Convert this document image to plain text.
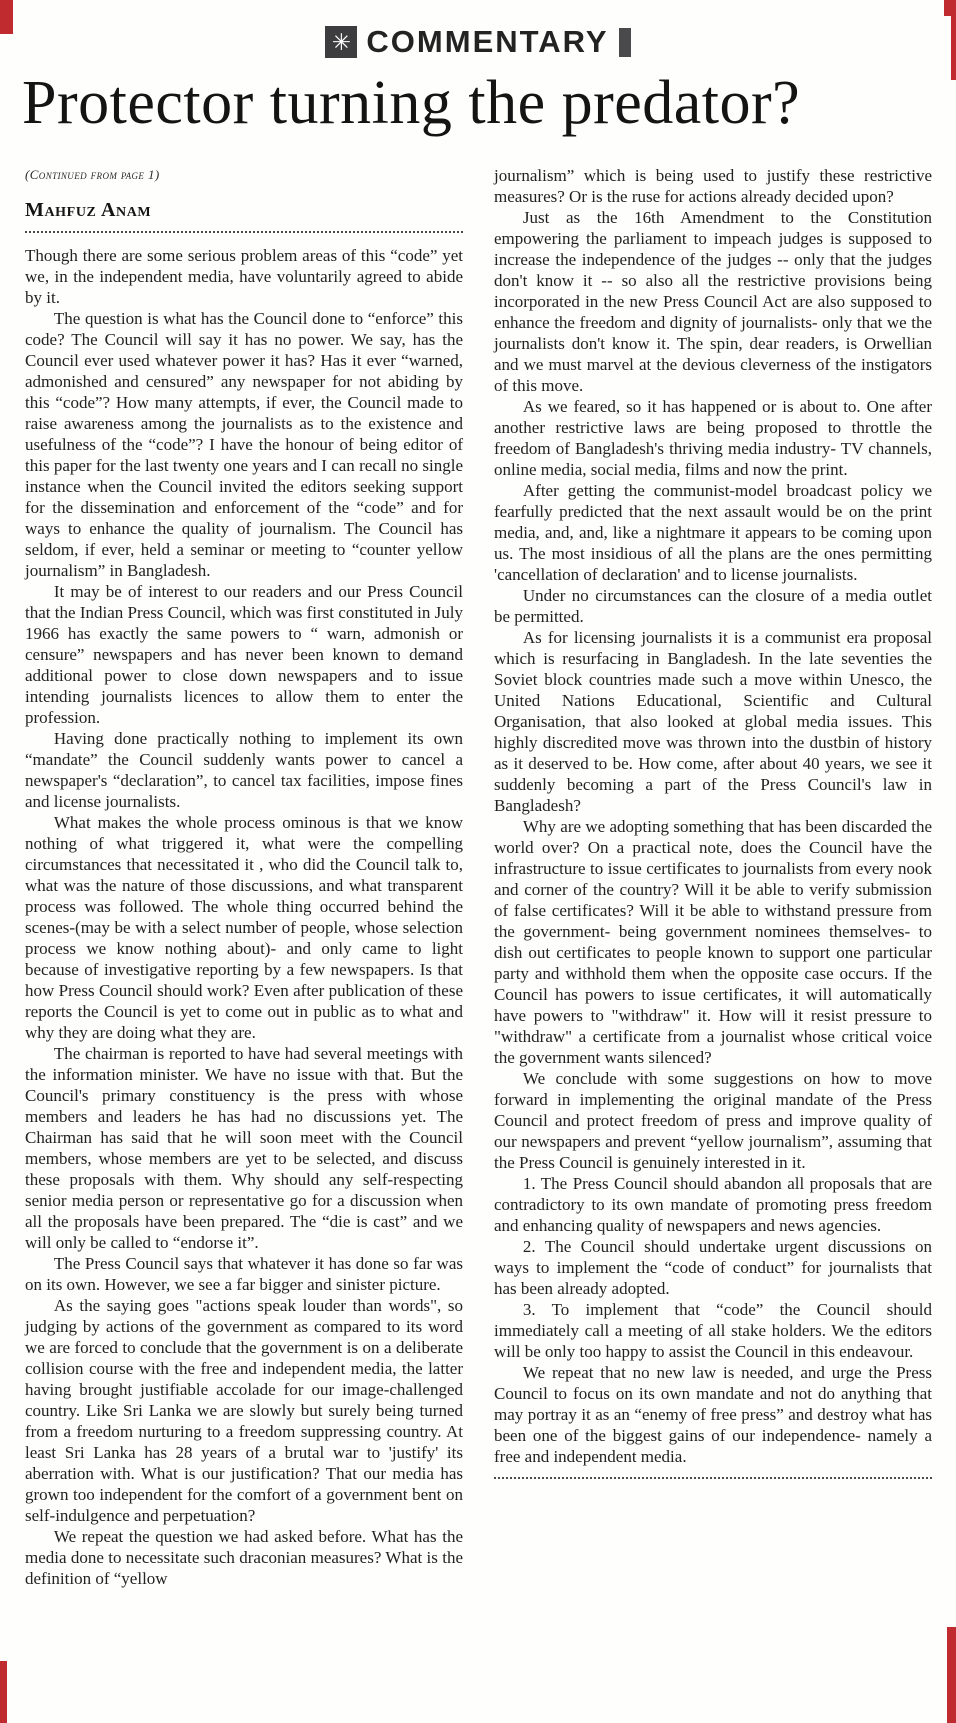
✳ COMMENTARY
Protector turning the predator?
(Continued from page 1)
Mahfuz Anam

Though there are some serious problem areas of this “code” yet we, in the independent media, have voluntarily agreed to abide by it.

The question is what has the Council done to “enforce” this code? The Council will say it has no power. We say, has the Council ever used whatever power it has? Has it ever “warned, admonished and censured” any newspaper for not abiding by this “code”? How many attempts, if ever, the Council made to raise awareness among the journalists as to the existence and usefulness of the “code”? I have the honour of being editor of this paper for the last twenty one years and I can recall no single instance when the Council invited the editors seeking support for the dissemination and enforcement of the “code” and for ways to enhance the quality of journalism. The Council has seldom, if ever, held a seminar or meeting to “counter yellow journalism” in Bangladesh.

It may be of interest to our readers and our Press Council that the Indian Press Council, which was first constituted in July 1966 has exactly the same powers to “ warn, admonish or censure” newspapers and has never been known to demand additional power to close down newspapers and to issue intending journalists licences to allow them to enter the profession.

Having done practically nothing to implement its own “mandate” the Council suddenly wants power to cancel a newspaper's “declaration”, to cancel tax facilities, impose fines and license journalists.

What makes the whole process ominous is that we know nothing of what triggered it, what were the compelling circumstances that necessitated it , who did the Council talk to, what was the nature of those discussions, and what transparent process was followed. The whole thing occurred behind the scenes-(may be with a select number of people, whose selection process we know nothing about)- and only came to light because of investigative reporting by a few newspapers. Is that how Press Council should work? Even after publication of these reports the Council is yet to come out in public as to what and why they are doing what they are.

The chairman is reported to have had several meetings with the information minister. We have no issue with that. But the Council's primary constituency is the press with whose members and leaders he has had no discussions yet. The Chairman has said that he will soon meet with the Council members, whose members are yet to be selected, and discuss these proposals with them. Why should any self-respecting senior media person or representative go for a discussion when all the proposals have been prepared. The “die is cast” and we will only be called to “endorse it”.

The Press Council says that whatever it has done so far was on its own. However, we see a far bigger and sinister picture.

As the saying goes "actions speak louder than words", so judging by actions of the government as compared to its word we are forced to conclude that the government is on a deliberate collision course with the free and independent media, the latter having brought justifiable accolade for our image-challenged country. Like Sri Lanka we are slowly but surely being turned from a freedom nurturing to a freedom suppressing country. At least Sri Lanka has 28 years of a brutal war to 'justify' its aberration with. What is our justification? That our media has grown too independent for the comfort of a government bent on self-indulgence and perpetuation?

We repeat the question we had asked before. What has the media done to necessitate such draconian measures? What is the definition of “yellow

journalism” which is being used to justify these restrictive measures? Or is the ruse for actions already decided upon?

Just as the 16th Amendment to the Constitution empowering the parliament to impeach judges is supposed to increase the independence of the judges -- only that the judges don't know it -- so also all the restrictive provisions being incorporated in the new Press Council Act are also supposed to enhance the freedom and dignity of journalists- only that we the journalists don't know it. The spin, dear readers, is Orwellian and we must marvel at the devious cleverness of the instigators of this move.

As we feared, so it has happened or is about to. One after another restrictive laws are being proposed to throttle the freedom of Bangladesh's thriving media industry- TV channels, online media, social media, films and now the print.

After getting the communist-model broadcast policy we fearfully predicted that the next assault would be on the print media, and, and, like a nightmare it appears to be coming upon us. The most insidious of all the plans are the ones permitting 'cancellation of declaration' and to license journalists.

Under no circumstances can the closure of a media outlet be permitted.

As for licensing journalists it is a communist era proposal which is resurfacing in Bangladesh. In the late seventies the Soviet block countries made such a move within Unesco, the United Nations Educational, Scientific and Cultural Organisation, that also looked at global media issues. This highly discredited move was thrown into the dustbin of history as it deserved to be. How come, after about 40 years, we see it suddenly becoming a part of the Press Council's law in Bangladesh?

Why are we adopting something that has been discarded the world over? On a practical note, does the Council have the infrastructure to issue certificates to journalists from every nook and corner of the country? Will it be able to verify submission of false certificates? Will it be able to withstand pressure from the government- being government nominees themselves- to dish out certificates to people known to support one particular party and withhold them when the opposite case occurs. If the Council has powers to issue certificates, it will automatically have powers to "withdraw" it. How will it resist pressure to "withdraw" a certificate from a journalist whose critical voice the government wants silenced?

We conclude with some suggestions on how to move forward in implementing the original mandate of the Press Council and protect freedom of press and improve quality of our newspapers and prevent “yellow journalism”, assuming that the Press Council is genuinely interested in it.

1. The Press Council should abandon all proposals that are contradictory to its own mandate of promoting press freedom and enhancing quality of newspapers and news agencies.

2. The Council should undertake urgent discussions on ways to implement the “code of conduct” for journalists that has been already adopted.

3. To implement that “code” the Council should immediately call a meeting of all stake holders. We the editors will be only too happy to assist the Council in this endeavour.

We repeat that no new law is needed, and urge the Press Council to focus on its own mandate and not do anything that may portray it as an “enemy of free press” and destroy what has been one of the biggest gains of our independence- namely a free and independent media.
